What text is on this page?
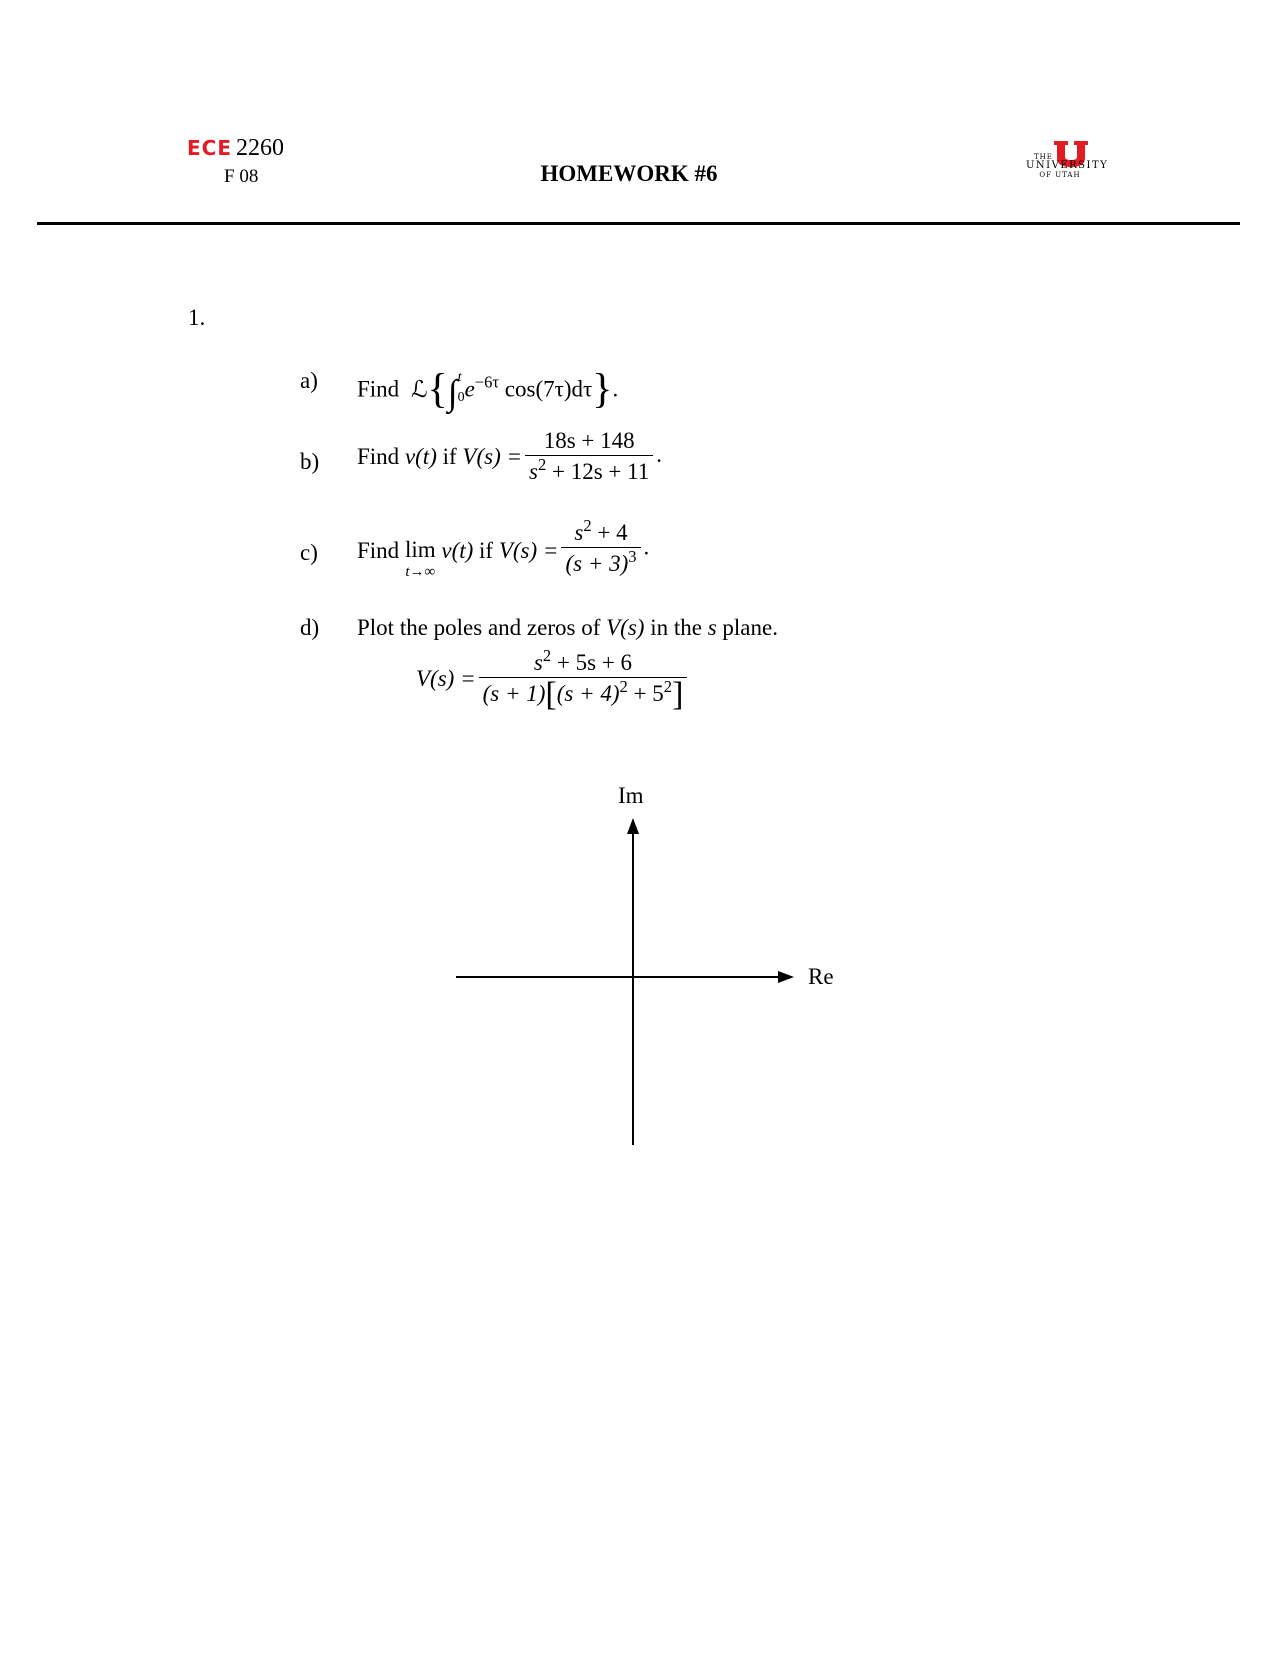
ECE 2260
F 08	HOMEWORK #6
THE
UNIVERSITY
OF UTAH
1.
a) Find ℒ{∫ t
0 $e^{-6\tau}$ cos(7τ)dτ}.
b) Find v(t) if $V(s) = \frac{18s + 148}{s^2 + 12s + 11}$ .
c) Find lim
t→∞
v(t) if $V(s) = \frac{s^2 + 4}{(s + 3)^3}$ .
d) Plot the poles and zeros of V(s) in the s plane.
$V(s) = \frac{s^2 + 5s + 6}{(s + 1)[(s + 4)^2 + 5^2]}$
Im
Re
